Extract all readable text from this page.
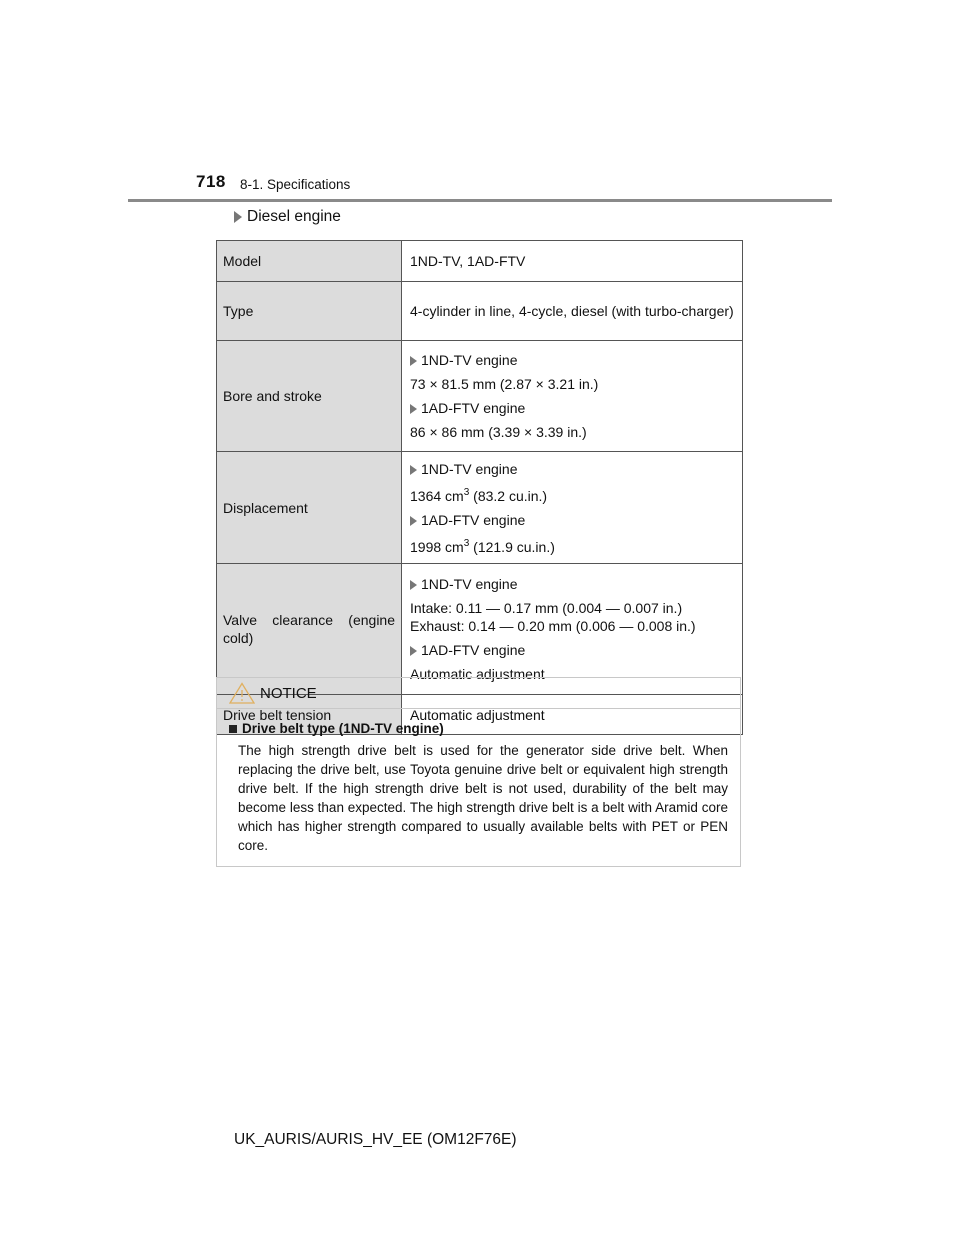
718 8-1. Specifications
Diesel engine
Model	1ND-TV, 1AD-FTV
Type	4-cylinder in line, 4-cycle, diesel (with turbo-charger)
Bore and stroke	1ND-TV engine
73 × 81.5 mm (2.87 × 3.21 in.)
1AD-FTV engine
86 × 86 mm (3.39 × 3.39 in.)

Displacement	1ND-TV engine
1364 $cm^3$ (83.2 cu.in.)
1AD-FTV engine
1998 $cm^3$ (121.9 cu.in.)

Valve clearance (engine cold)	1ND-TV engine
Intake: 0.11 — 0.17 mm (0.004 — 0.007 in.)
Exhaust: 0.14 — 0.20 mm (0.006 — 0.008 in.)
1AD-FTV engine
Automatic adjustment

Drive belt tension	Automatic adjustment
NOTICE
Drive belt type (1ND-TV engine)
The high strength drive belt is used for the generator side drive belt. When replacing the drive belt, use Toyota genuine drive belt or equivalent high strength drive belt. If the high strength drive belt is not used, durability of the belt may become less than expected. The high strength drive belt is a belt with Aramid core which has higher strength compared to usually available belts with PET or PEN core.
UK_AURIS/AURIS_HV_EE (OM12F76E)
